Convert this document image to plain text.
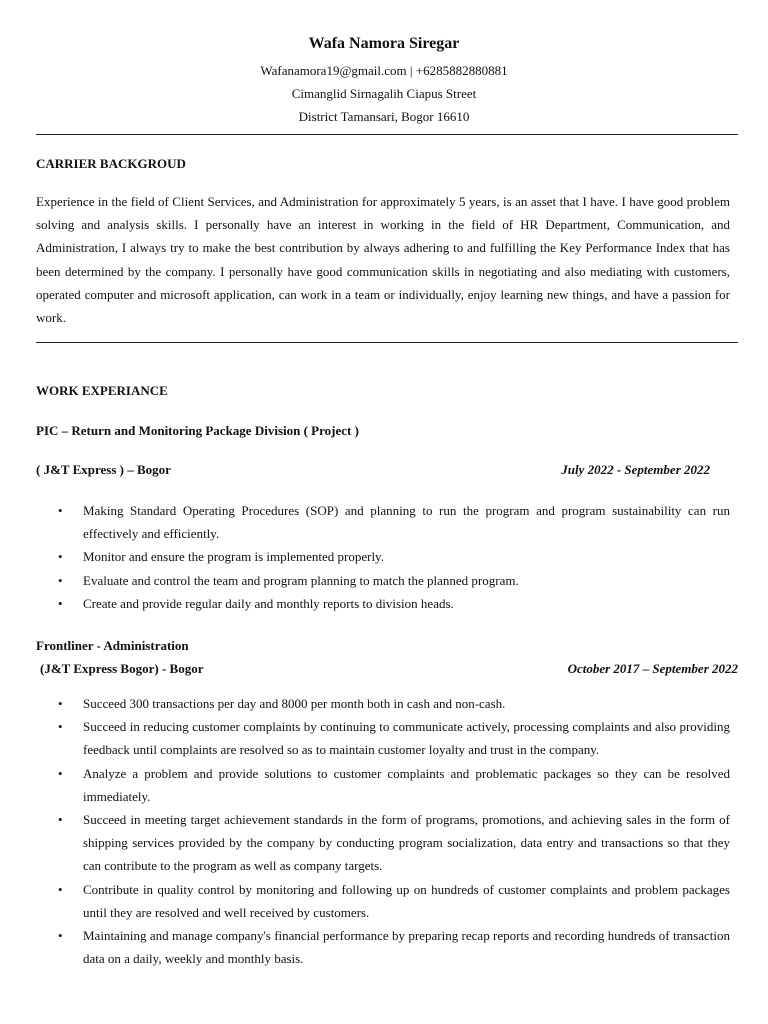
Wafa Namora Siregar
Wafanamora19@gmail.com | +6285882880881
Cimanglid Sirnagalih Ciapus Street
District Tamansari, Bogor 16610
CARRIER BACKGROUD

Experience in the field of Client Services, and Administration for approximately 5 years, is an asset that I have. I have good problem solving and analysis skills. I personally have an interest in working in the field of HR Department, Communication, and Administration, I always try to make the best contribution by always adhering to and fulfilling the Key Performance Index that has been determined by the company. I personally have good communication skills in negotiating and also mediating with customers, operated computer and microsoft application, can work in a team or individually, enjoy learning new things, and have a passion for work.

WORK EXPERIANCE
PIC – Return and Monitoring Package Division ( Project )
( J&T Express ) – Bogor	July 2022 - September 2022
• Making Standard Operating Procedures (SOP) and planning to run the program and program sustainability can run effectively and efficiently.
• Monitor and ensure the program is implemented properly.
• Evaluate and control the team and program planning to match the planned program.
• Create and provide regular daily and monthly reports to division heads.
Frontliner - Administration
(J&T Express Bogor) - Bogor	October 2017 – September 2022
• Succeed 300 transactions per day and 8000 per month both in cash and non-cash.
• Succeed in reducing customer complaints by continuing to communicate actively, processing complaints and also providing feedback until complaints are resolved so as to maintain customer loyalty and trust in the company.
• Analyze a problem and provide solutions to customer complaints and problematic packages so they can be resolved immediately.
• Succeed in meeting target achievement standards in the form of programs, promotions, and achieving sales in the form of shipping services provided by the company by conducting program socialization, data entry and transactions so that they can contribute to the program as well as company targets.
• Contribute in quality control by monitoring and following up on hundreds of customer complaints and problem packages until they are resolved and well received by customers.
• Maintaining and manage company's financial performance by preparing recap reports and recording hundreds of transaction data on a daily, weekly and monthly basis.
